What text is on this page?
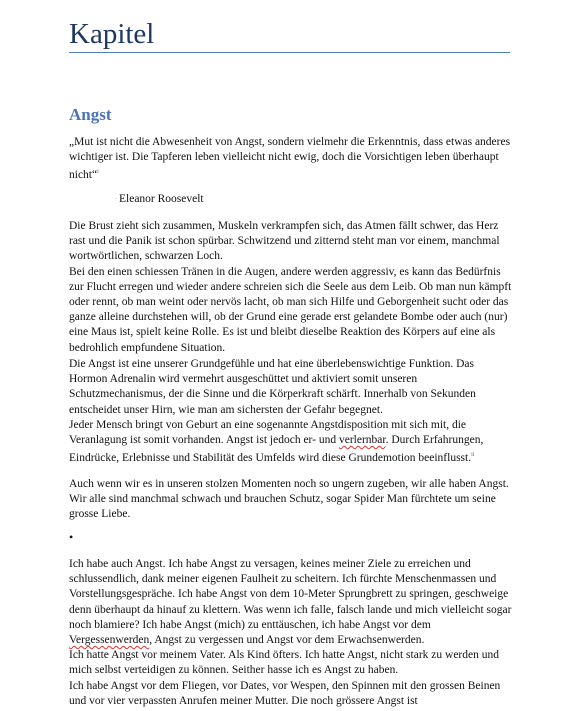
Kapitel
Angst

„Mut ist nicht die Abwesenheit von Angst, sondern vielmehr die Erkenntnis, dass etwas anderes wichtiger ist. Die Tapferen leben vielleicht nicht ewig, doch die Vorsichtigen leben überhaupt nicht“$^i$

· Eleanor Roosevelt

Die Brust zieht sich zusammen, Muskeln verkrampfen sich, das Atmen fällt schwer, das Herz rast und die Panik ist schon spürbar. Schwitzend und zitternd steht man vor einem, manchmal wortwörtlichen, schwarzen Loch.

Bei den einen schiessen Tränen in die Augen, andere werden aggressiv, es kann das Bedürfnis zur Flucht erregen und wieder andere schreien sich die Seele aus dem Leib. Ob man nun kämpft oder rennt, ob man weint oder nervös lacht, ob man sich Hilfe und Geborgenheit sucht oder das ganze alleine durchstehen will, ob der Grund eine gerade erst gelandete Bombe oder auch (nur) eine Maus ist, spielt keine Rolle. Es ist und bleibt dieselbe Reaktion des Körpers auf eine als bedrohlich empfundene Situation.

Die Angst ist eine unserer Grundgefühle und hat eine überlebenswichtige Funktion. Das Hormon Adrenalin wird vermehrt ausgeschüttet und aktiviert somit unseren Schutzmechanismus, der die Sinne und die Körperkraft schärft. Innerhalb von Sekunden entscheidet unser Hirn, wie man am sichersten der Gefahr begegnet.

Jeder Mensch bringt von Geburt an eine sogenannte Angstdisposition mit sich mit, die Veranlagung ist somit vorhanden. Angst ist jedoch er- und verlernbar. Durch Erfahrungen, Eindrücke, Erlebnisse und Stabilität des Umfelds wird diese Grundemotion beeinflusst.$^{ii}$

Auch wenn wir es in unseren stolzen Momenten noch so ungern zugeben, wir alle haben Angst. Wir alle sind manchmal schwach und brauchen Schutz, sogar Spider Man fürchtete um seine grosse Liebe.
•

Ich habe auch Angst. Ich habe Angst zu versagen, keines meiner Ziele zu erreichen und schlussendlich, dank meiner eigenen Faulheit zu scheitern. Ich fürchte Menschenmassen und Vorstellungsgespräche. Ich habe Angst von dem 10-Meter Sprungbrett zu springen, geschweige denn überhaupt da hinauf zu klettern. Was wenn ich falle, falsch lande und mich vielleicht sogar noch blamiere? Ich habe Angst (mich) zu enttäuschen, ich habe Angst vor dem Vergessenwerden, Angst zu vergessen und Angst vor dem Erwachsenwerden.

Ich hatte Angst vor meinem Vater. Als Kind öfters. Ich hatte Angst, nicht stark zu werden und mich selbst verteidigen zu können. Seither hasse ich es Angst zu haben.

Ich habe Angst vor dem Fliegen, vor Dates, vor Wespen, den Spinnen mit den grossen Beinen und vor vier verpassten Anrufen meiner Mutter. Die noch grössere Angst ist
